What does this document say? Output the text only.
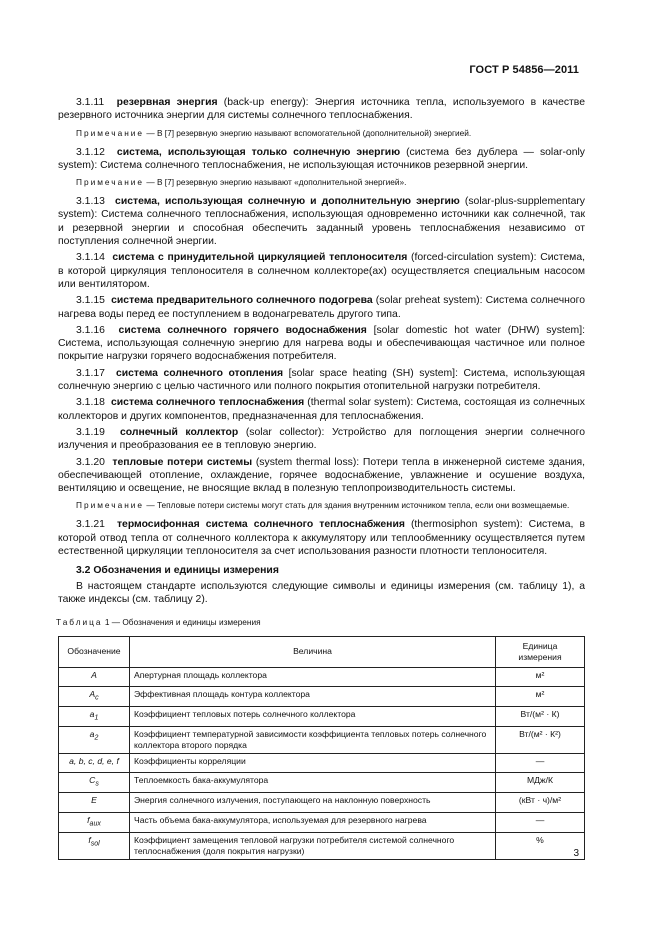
ГОСТ Р 54856—2011

3.1.11 резервная энергия (back-up energy): Энергия источника тепла, используемого в качестве резервного источника энергии для системы солнечного теплоснабжения.

Примечание — В [7] резервную энергию называют вспомогательной (дополнительной) энергией.

3.1.12 система, использующая только солнечную энергию (система без дублера — solar-only system): Система солнечного теплоснабжения, не использующая источников резервной энергии.

Примечание — В [7] резервную энергию называют «дополнительной энергией».

3.1.13 система, использующая солнечную и дополнительную энергию (solar-plus-supplementary system): Система солнечного теплоснабжения, использующая одновременно источники как солнечной, так и резервной энергии и способная обеспечить заданный уровень теплоснабжения независимо от поступления солнечной энергии.

3.1.14 система с принудительной циркуляцией теплоносителя (forced-circulation system): Система, в которой циркуляция теплоносителя в солнечном коллекторе(ах) осуществляется специальным насосом или вентилятором.

3.1.15 система предварительного солнечного подогрева (solar preheat system): Система солнечного нагрева воды перед ее поступлением в водонагреватель другого типа.

3.1.16 система солнечного горячего водоснабжения [solar domestic hot water (DHW) system]: Система, использующая солнечную энергию для нагрева воды и обеспечивающая частичное или полное покрытие нагрузки горячего водоснабжения потребителя.

3.1.17 система солнечного отопления [solar space heating (SH) system]: Система, использующая солнечную энергию с целью частичного или полного покрытия отопительной нагрузки потребителя.

3.1.18 система солнечного теплоснабжения (thermal solar system): Система, состоящая из солнечных коллекторов и других компонентов, предназначенная для теплоснабжения.

3.1.19 солнечный коллектор (solar collector): Устройство для поглощения энергии солнечного излучения и преобразования ее в тепловую энергию.

3.1.20 тепловые потери системы (system thermal loss): Потери тепла в инженерной системе здания, обеспечивающей отопление, охлаждение, горячее водоснабжение, увлажнение и осушение воздуха, вентиляцию и освещение, не вносящие вклад в полезную теплопроизводительность системы.

Примечание — Тепловые потери системы могут стать для здания внутренним источником тепла, если они возмещаемые.

3.1.21 термосифонная система солнечного теплоснабжения (thermosiphon system): Система, в которой отвод тепла от солнечного коллектора к аккумулятору или теплообменнику осуществляется путем естественной циркуляции теплоносителя за счет использования разности плотности теплоносителя.

3.2 Обозначения и единицы измерения

В настоящем стандарте используются следующие символы и единицы измерения (см. таблицу 1), а также индексы (см. таблицу 2).

Таблица 1 — Обозначения и единицы измерения
Обозначение	Величина	Единица измерения
A	Апертурная площадь коллектора	м²
$A_c$	Эффективная площадь контура коллектора	м²
$a_1$	Коэффициент тепловых потерь солнечного коллектора	Вт/(м² · К)
$a_2$	Коэффициент температурной зависимости коэффициента тепловых потерь солнечного коллектора второго порядка	Вт/(м² · К²)
a, b, c, d, e, f	Коэффициенты корреляции	—
$C_s$	Теплоемкость бака-аккумулятора	МДж/К
E	Энергия солнечного излучения, поступающего на наклонную поверхность	(кВт · ч)/м²
$f_{aux}$	Часть объема бака-аккумулятора, используемая для резервного нагрева	—
$f_{sol}$	Коэффициент замещения тепловой нагрузки потребителя системой солнечного теплоснабжения (доля покрытия нагрузки)	%
3
